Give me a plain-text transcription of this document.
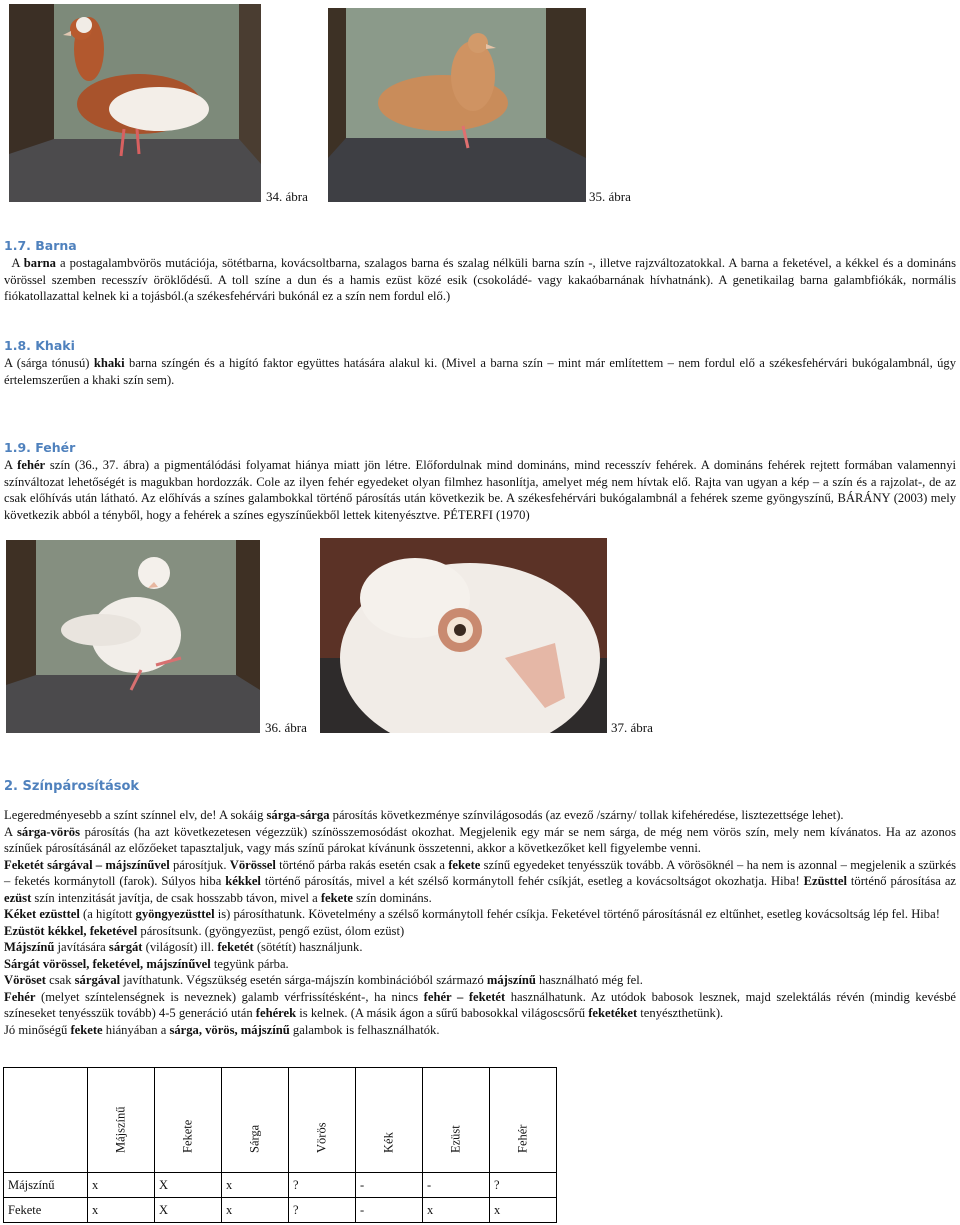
34. ábra	35. ábra
1.7. Barna

A barna a postagalambvörös mutációja, sötétbarna, kovácsoltbarna, szalagos barna és szalag nélküli barna szín -, illetve rajzváltozatokkal. A barna a feketével, a kékkel és a domináns vörössel szemben recesszív öröklődésű. A toll színe a dun és a hamis ezüst közé esik (csokoládé- vagy kakaóbarnának hívhatnánk). A genetikailag barna galambfiókák, normális fiókatollazattal kelnek ki a tojásból.(a székesfehérvári bukónál ez a szín nem fordul elő.)

1.8. Khaki

A (sárga tónusú) khaki barna színgén és a higító faktor együttes hatására alakul ki. (Mivel a barna szín – mint már említettem – nem fordul elő a székesfehérvári bukógalambnál, úgy értelemszerűen a khaki szín sem).

1.9. Fehér

A fehér szín (36., 37. ábra) a pigmentálódási folyamat hiánya miatt jön létre. Előfordulnak mind domináns, mind recesszív fehérek. A domináns fehérek rejtett formában valamennyi színváltozat lehetőségét is magukban hordozzák. Cole az ilyen fehér egyedeket olyan filmhez hasonlítja, amelyet még nem hívtak elő. Rajta van ugyan a kép – a szín és a rajzolat-, de az csak előhívás után látható. Az előhívás a színes galambokkal történő párosítás után következik be. A székesfehérvári bukógalambnál a fehérek szeme gyöngyszínű, BÁRÁNY (2003) mely következik abból a tényből, hogy a fehérek a színes egyszínűekből lettek kitenyésztve. PÉTERFI (1970)

36. ábra	37. ábra
2. Színpárosítások

Legeredményesebb a színt színnel elv, de! A sokáig sárga-sárga párosítás következménye színvilágosodás (az evező /szárny/ tollak kifehéredése, lisztezettsége lehet).

A sárga-vörös párosítás (ha azt következetesen végezzük) színösszemosódást okozhat. Megjelenik egy már se nem sárga, de még nem vörös szín, mely nem kívánatos. Ha az azonos színűek párosításánál az előzőeket tapasztaljuk, vagy más színű párokat kívánunk összetenni, akkor a következőket kell figyelembe venni.

Feketét sárgával – májszínűvel párosítjuk. Vörössel történő párba rakás esetén csak a fekete színű egyedeket tenyésszük tovább. A vörösöknél – ha nem is azonnal – megjelenik a szürkés – feketés kormánytoll (farok). Súlyos hiba kékkel történő párosítás, mivel a két szélső kormánytoll fehér csíkját, esetleg a kovácsoltságot okozhatja. Hiba! Ezüsttel történő párosítása az ezüst szín intenzitását javítja, de csak hosszabb távon, mivel a fekete szín domináns.

Kéket ezüsttel (a higított gyöngyezüsttel is) párosíthatunk. Követelmény a szélső kormánytoll fehér csíkja. Feketével történő párosításnál ez eltűnhet, esetleg kovácsoltság lép fel. Hiba!

Ezüstöt kékkel, feketével párosítsunk. (gyöngyezüst, pengő ezüst, ólom ezüst)

Májszínű javítására sárgát (világosít) ill. feketét (sötétít) használjunk.

Sárgát vörössel, feketével, májszínűvel tegyünk párba.

Vöröset csak sárgával javíthatunk. Végszükség esetén sárga-májszín kombinációból származó májszínű használható még fel.

Fehér (melyet színtelenségnek is neveznek) galamb vérfrissítésként-, ha nincs fehér – feketét használhatunk. Az utódok babosok lesznek, majd szelektálás révén (mindig kevésbé színeseket tenyésszük tovább) 4-5 generáció után fehérek is kelnek. (A másik ágon a sűrű babosokkal világoscsőrű feketéket tenyészthetünk).

Jó minőségű fekete hiányában a sárga, vörös, májszínű galambok is felhasználhatók.

	Májszínű	Fekete	Sárga	Vörös	Kék	Ezüst	Fehér

Májszínű	x	X	x	?	-	-	?
Fekete	x	X	x	?	-	x	x
